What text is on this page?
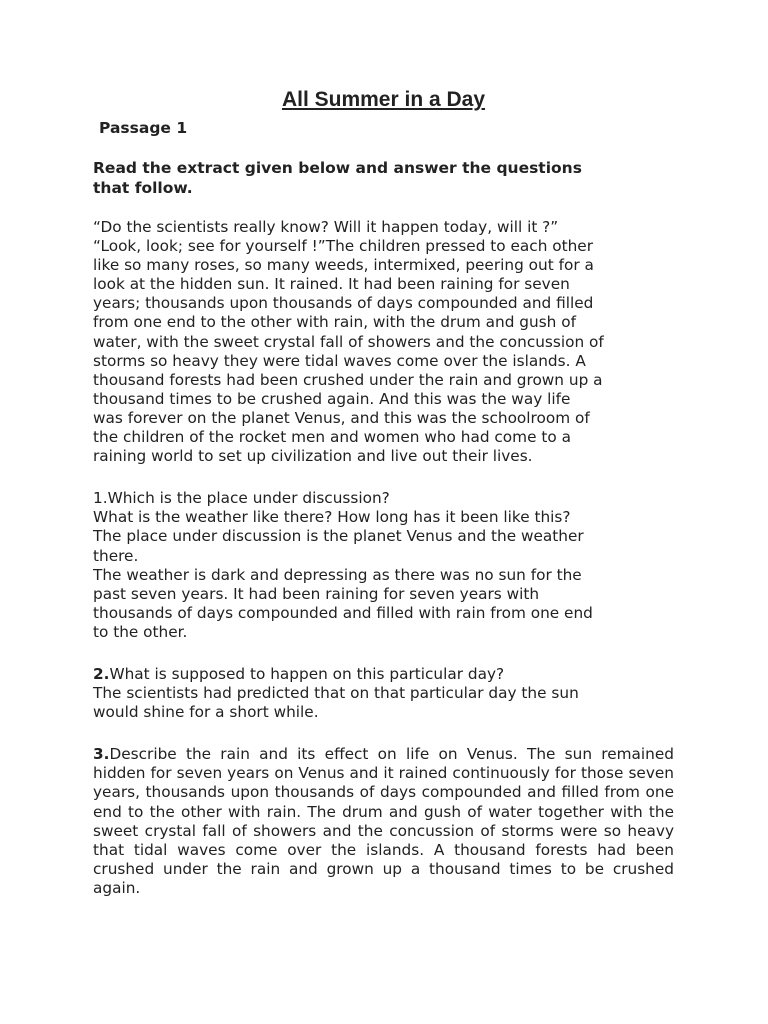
All Summer in a Day
Passage 1
Read the extract given below and answer the questions
that follow.
“Do the scientists really know? Will it happen today, will it ?”
“Look, look; see for yourself !”The children pressed to each other
like so many roses, so many weeds, intermixed, peering out for a
look at the hidden sun. It rained. It had been raining for seven
years; thousands upon thousands of days compounded and filled
from one end to the other with rain, with the drum and gush of
water, with the sweet crystal fall of showers and the concussion of
storms so heavy they were tidal waves come over the islands. A
thousand forests had been crushed under the rain and grown up a
thousand times to be crushed again. And this was the way life
was forever on the planet Venus, and this was the schoolroom of
the children of the rocket men and women who had come to a
raining world to set up civilization and live out their lives.
1.Which is the place under discussion?
What is the weather like there? How long has it been like this?
The place under discussion is the planet Venus and the weather
there.
The weather is dark and depressing as there was no sun for the
past seven years. It had been raining for seven years with
thousands of days compounded and filled with rain from one end
to the other.
2.What is supposed to happen on this particular day?
The scientists had predicted that on that particular day the sun
would shine for a short while.

3.Describe the rain and its effect on life on Venus. The sun remained hidden for seven years on Venus and it rained continuously for those seven years, thousands upon thousands of days compounded and filled from one end to the other with rain. The drum and gush of water together with the sweet crystal fall of showers and the concussion of storms were so heavy that tidal waves come over the islands. A thousand forests had been crushed under the rain and grown up a thousand times to be crushed again.
